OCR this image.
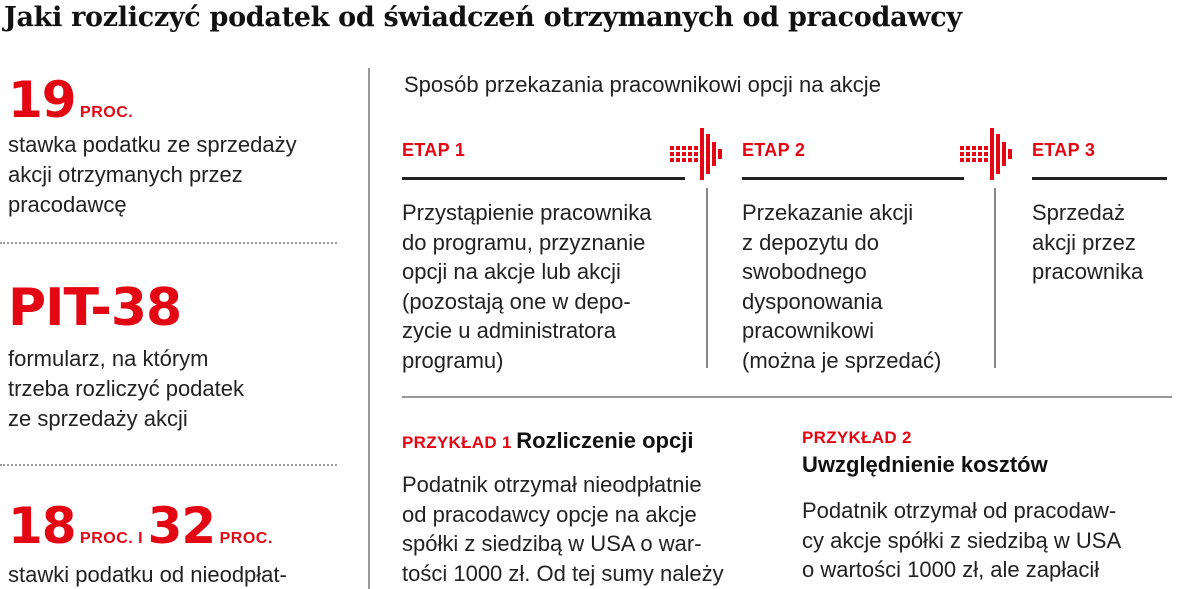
Jaki rozliczyć podatek od świadczeń otrzymanych od pracodawcy
19 PROC.
stawka podatku ze sprzedaży
akcji otrzymanych przez
pracodawcę
PIT-38
formularz, na którym
trzeba rozliczyć podatek
ze sprzedaży akcji
18 PROC. I 32 PROC.
stawki podatku od nieodpłat-
Sposób przekazania pracownikowi opcji na akcje
ETAP 1
Przystąpienie pracownika
do programu, przyznanie
opcji na akcje lub akcji
(pozostają one w depo-
zycie u administratora
programu)
ETAP 2
Przekazanie akcji
z depozytu do
swobodnego
dysponowania
pracownikowi
(można je sprzedać)
ETAP 3
Sprzedaż
akcji przez
pracownika
PRZYKŁAD 1 Rozliczenie opcji
Podatnik otrzymał nieodpłatnie
od pracodawcy opcje na akcje
spółki z siedzibą w USA o war-
tości 1000 zł. Od tej sumy należy
PRZYKŁAD 2
Uwzględnienie kosztów
Podatnik otrzymał od pracodaw-
cy akcje spółki z siedzibą w USA
o wartości 1000 zł, ale zapłacił
